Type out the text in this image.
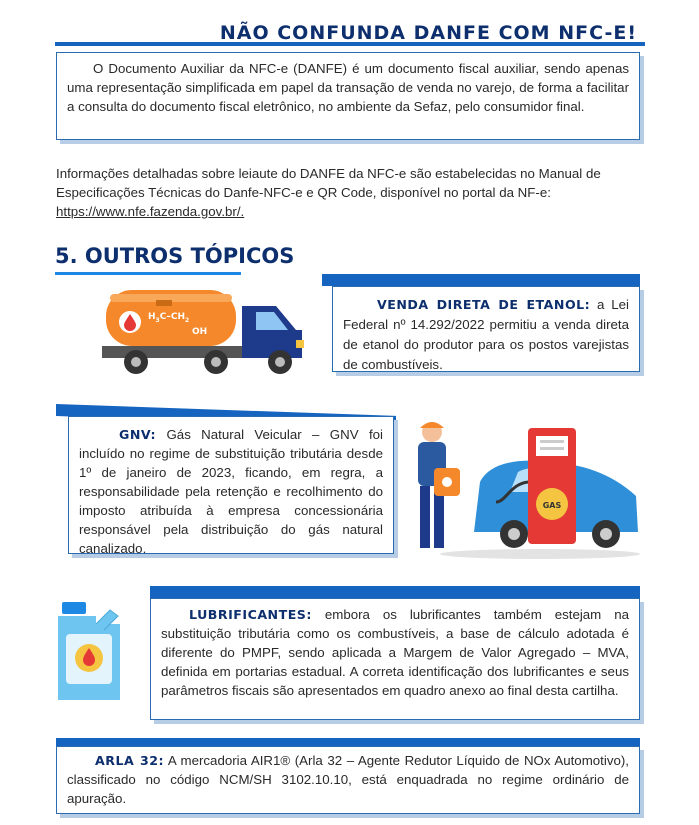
NÃO CONFUNDA DANFE COM NFC-E!
O Documento Auxiliar da NFC-e (DANFE) é um documento fiscal auxiliar, sendo apenas uma representação simplificada em papel da transação de venda no varejo, de forma a facilitar a consulta do documento fiscal eletrônico, no ambiente da Sefaz, pelo consumidor final.
Informações detalhadas sobre leiaute do DANFE da NFC-e são estabelecidas no Manual de Especificações Técnicas do Danfe-NFC-e e QR Code, disponível no portal da NF-e: https://www.nfe.fazenda.gov.br/.
5. OUTROS TÓPICOS
$H_3C-CH_2$
OH
VENDA DIRETA DE ETANOL: a Lei Federal nº 14.292/2022 permitiu a venda direta de etanol do produtor para os postos varejistas de combustíveis.
GNV: Gás Natural Veicular – GNV foi incluído no regime de substituição tributária desde 1º de janeiro de 2023, ficando, em regra, a responsabilidade pela retenção e recolhimento do imposto atribuída à empresa concessionária responsável pela distribuição do gás natural canalizado.
GAS
LUBRIFICANTES: embora os lubrificantes também estejam na substituição tributária como os combustíveis, a base de cálculo adotada é diferente do PMPF, sendo aplicada a Margem de Valor Agregado – MVA, definida em portarias estadual. A correta identificação dos lubrificantes e seus parâmetros fiscais são apresentados em quadro anexo ao final desta cartilha.
ARLA 32: A mercadoria AIR1® (Arla 32 – Agente Redutor Líquido de NOx Automotivo), classificado no código NCM/SH 3102.10.10, está enquadrada no regime ordinário de apuração.
